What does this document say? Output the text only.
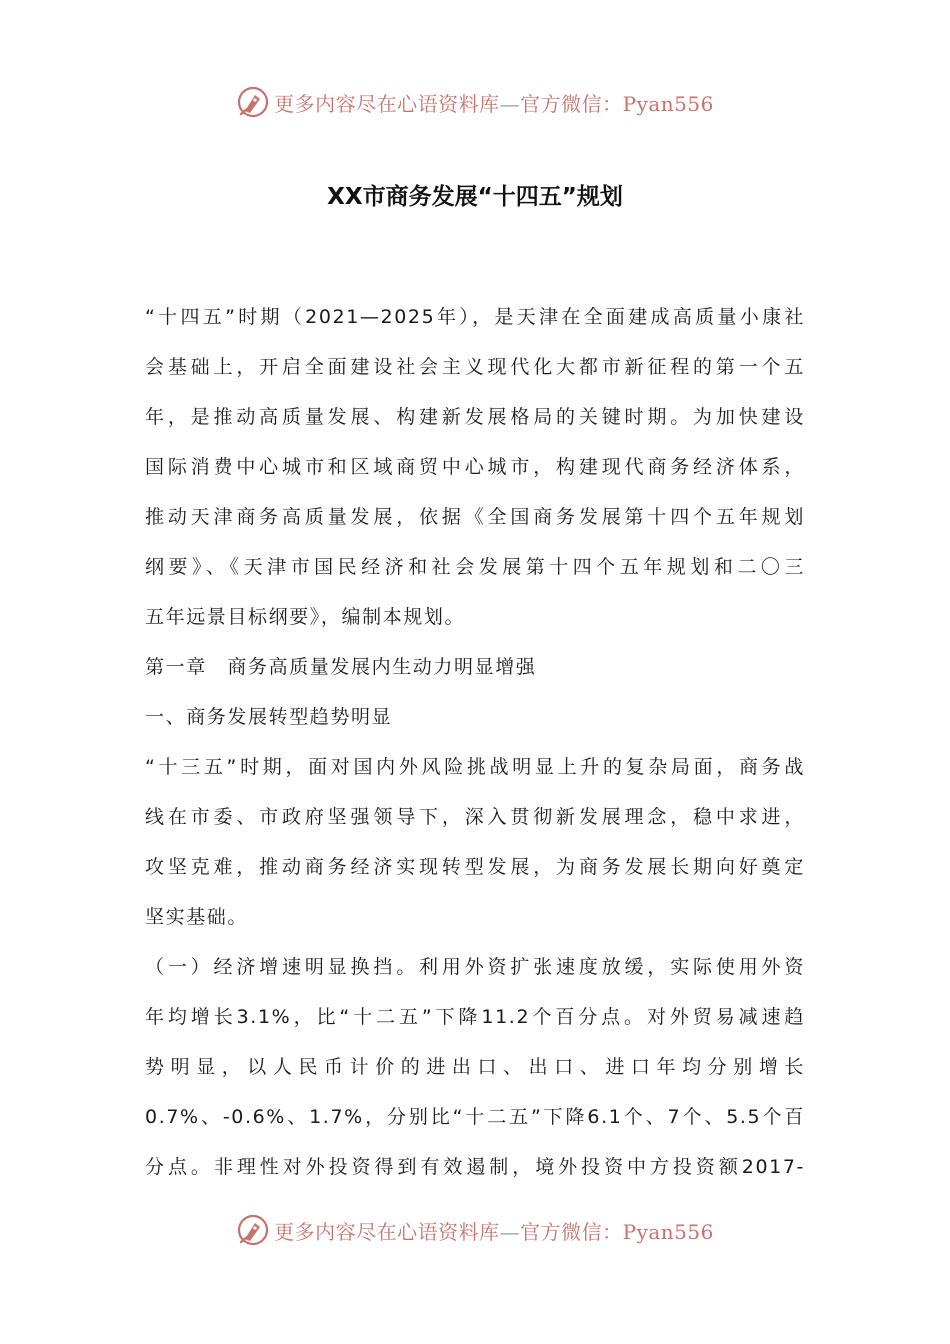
更多内容尽在心语资料库—官方微信：Pyan556
XX市商务发展“十四五”规划
“十四五”时期（2021—2025年），是天津在全面建成高质量小康社
会基础上，开启全面建设社会主义现代化大都市新征程的第一个五
年，是推动高质量发展、构建新发展格局的关键时期。为加快建设
国际消费中心城市和区域商贸中心城市，构建现代商务经济体系，
推动天津商务高质量发展，依据《全国商务发展第十四个五年规划
纲要》、《天津市国民经济和社会发展第十四个五年规划和二〇三
五年远景目标纲要》，编制本规划。
第一章　商务高质量发展内生动力明显增强
一、商务发展转型趋势明显
“十三五”时期，面对国内外风险挑战明显上升的复杂局面，商务战
线在市委、市政府坚强领导下，深入贯彻新发展理念，稳中求进，
攻坚克难，推动商务经济实现转型发展，为商务发展长期向好奠定
坚实基础。
（一）经济增速明显换挡。利用外资扩张速度放缓，实际使用外资
年均增长3.1%，比“十二五”下降11.2个百分点。对外贸易减速趋
势明显，以人民币计价的进出口、出口、进口年均分别增长
0.7%、-0.6%、1.7%，分别比“十二五”下降6.1个、7个、5.5个百
分点。非理性对外投资得到有效遏制，境外投资中方投资额2017-
更多内容尽在心语资料库—官方微信：Pyan556
